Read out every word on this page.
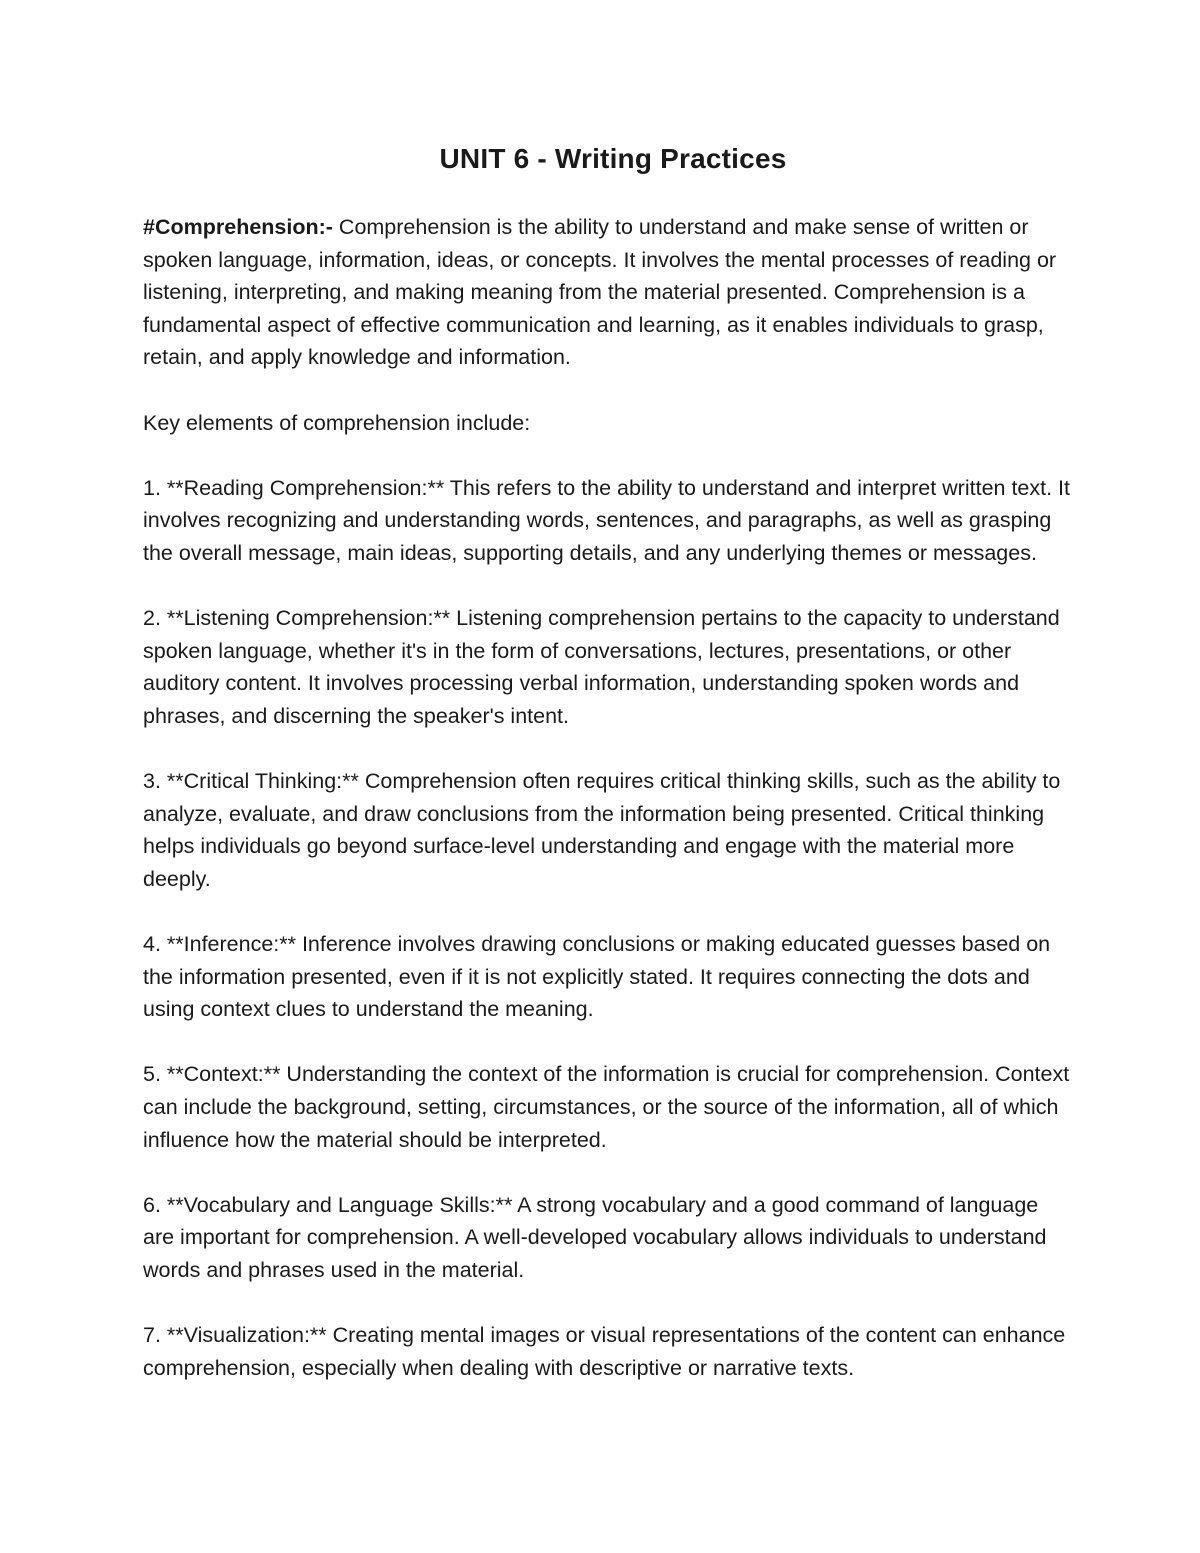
UNIT 6 - Writing Practices

#Comprehension:- Comprehension is the ability to understand and make sense of written or spoken language, information, ideas, or concepts. It involves the mental processes of reading or listening, interpreting, and making meaning from the material presented. Comprehension is a fundamental aspect of effective communication and learning, as it enables individuals to grasp, retain, and apply knowledge and information.

Key elements of comprehension include:

1. **Reading Comprehension:** This refers to the ability to understand and interpret written text. It involves recognizing and understanding words, sentences, and paragraphs, as well as grasping the overall message, main ideas, supporting details, and any underlying themes or messages.

2. **Listening Comprehension:** Listening comprehension pertains to the capacity to understand spoken language, whether it's in the form of conversations, lectures, presentations, or other auditory content. It involves processing verbal information, understanding spoken words and phrases, and discerning the speaker's intent.

3. **Critical Thinking:** Comprehension often requires critical thinking skills, such as the ability to analyze, evaluate, and draw conclusions from the information being presented. Critical thinking helps individuals go beyond surface-level understanding and engage with the material more deeply.

4. **Inference:** Inference involves drawing conclusions or making educated guesses based on the information presented, even if it is not explicitly stated. It requires connecting the dots and using context clues to understand the meaning.

5. **Context:** Understanding the context of the information is crucial for comprehension. Context can include the background, setting, circumstances, or the source of the information, all of which influence how the material should be interpreted.

6. **Vocabulary and Language Skills:** A strong vocabulary and a good command of language are important for comprehension. A well-developed vocabulary allows individuals to understand words and phrases used in the material.

7. **Visualization:** Creating mental images or visual representations of the content can enhance comprehension, especially when dealing with descriptive or narrative texts.
